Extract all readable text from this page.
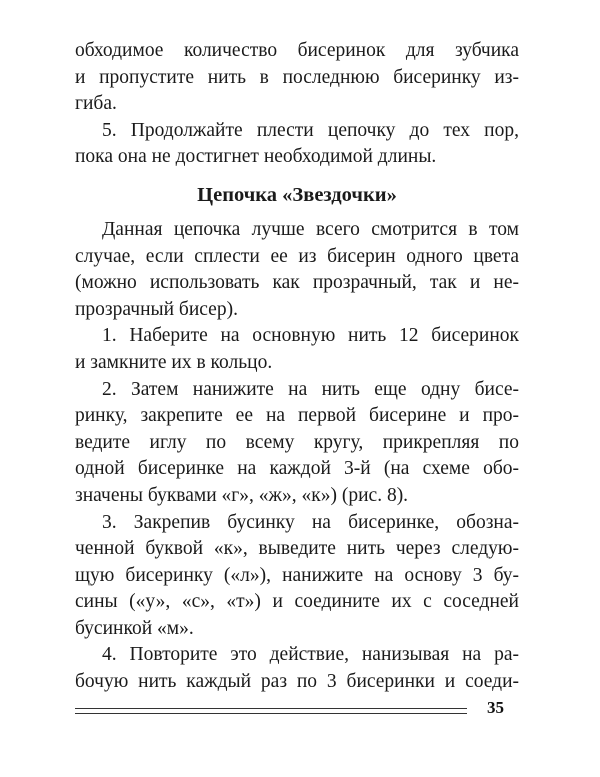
обходимое количество бисеринок для зубчика
и пропустите нить в последнюю бисеринку из-
гиба.
5. Продолжайте плести цепочку до тех пор,
пока она не достигнет необходимой длины.
Цепочка «Звездочки»
Данная цепочка лучше всего смотрится в том
случае, если сплести ее из бисерин одного цвета
(можно использовать как прозрачный, так и не-
прозрачный бисер).
1. Наберите на основную нить 12 бисеринок
и замкните их в кольцо.
2. Затем нанижите на нить еще одну бисе-
ринку, закрепите ее на первой бисерине и про-
ведите иглу по всему кругу, прикрепляя по
одной бисеринке на каждой 3-й (на схеме обо-
значены буквами «г», «ж», «к») (рис. 8).
3. Закрепив бусинку на бисеринке, обозна-
ченной буквой «к», выведите нить через следую-
щую бисеринку («л»), нанижите на основу 3 бу-
сины («у», «с», «т») и соедините их с соседней
бусинкой «м».
4. Повторите это действие, нанизывая на ра-
бочую нить каждый раз по 3 бисеринки и соеди-
35
